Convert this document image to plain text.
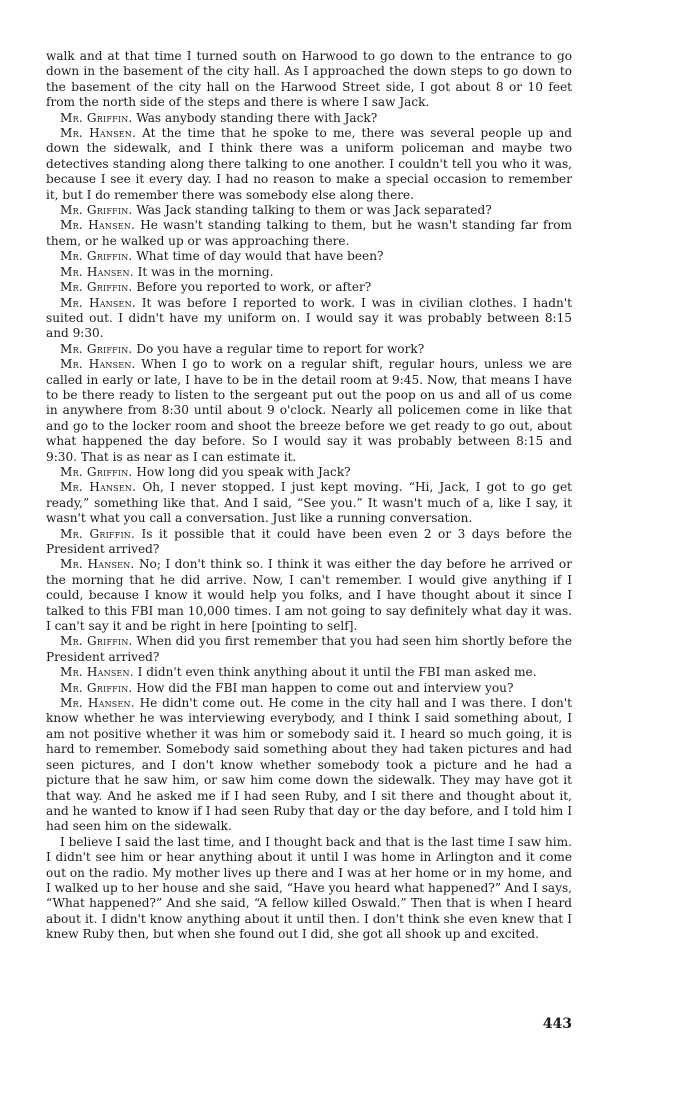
walk and at that time I turned south on Harwood to go down to the entrance to go down in the basement of the city hall. As I approached the down steps to go down to the basement of the city hall on the Harwood Street side, I got about 8 or 10 feet from the north side of the steps and there is where I saw Jack.

Mr. Griffin. Was anybody standing there with Jack?

Mr. Hansen. At the time that he spoke to me, there was several people up and down the sidewalk, and I think there was a uniform policeman and maybe two detectives standing along there talking to one another. I couldn't tell you who it was, because I see it every day. I had no reason to make a special occasion to remember it, but I do remember there was somebody else along there.

Mr. Griffin. Was Jack standing talking to them or was Jack separated?

Mr. Hansen. He wasn't standing talking to them, but he wasn't standing far from them, or he walked up or was approaching there.

Mr. Griffin. What time of day would that have been?

Mr. Hansen. It was in the morning.

Mr. Griffin. Before you reported to work, or after?

Mr. Hansen. It was before I reported to work. I was in civilian clothes. I hadn't suited out. I didn't have my uniform on. I would say it was probably between 8:15 and 9:30.

Mr. Griffin. Do you have a regular time to report for work?

Mr. Hansen. When I go to work on a regular shift, regular hours, unless we are called in early or late, I have to be in the detail room at 9:45. Now, that means I have to be there ready to listen to the sergeant put out the poop on us and all of us come in anywhere from 8:30 until about 9 o'clock. Nearly all policemen come in like that and go to the locker room and shoot the breeze before we get ready to go out, about what happened the day before. So I would say it was probably between 8:15 and 9:30. That is as near as I can estimate it.

Mr. Griffin. How long did you speak with Jack?

Mr. Hansen. Oh, I never stopped. I just kept moving. “Hi, Jack, I got to go get ready,” something like that. And I said, “See you.” It wasn't much of a, like I say, it wasn't what you call a conversation. Just like a running conversation.

Mr. Griffin. Is it possible that it could have been even 2 or 3 days before the President arrived?

Mr. Hansen. No; I don't think so. I think it was either the day before he arrived or the morning that he did arrive. Now, I can't remember. I would give anything if I could, because I know it would help you folks, and I have thought about it since I talked to this FBI man 10,000 times. I am not going to say definitely what day it was. I can't say it and be right in here [pointing to self].

Mr. Griffin. When did you first remember that you had seen him shortly before the President arrived?

Mr. Hansen. I didn't even think anything about it until the FBI man asked me.

Mr. Griffin. How did the FBI man happen to come out and interview you?

Mr. Hansen. He didn't come out. He come in the city hall and I was there. I don't know whether he was interviewing everybody, and I think I said something about, I am not positive whether it was him or somebody said it. I heard so much going, it is hard to remember. Somebody said something about they had taken pictures and had seen pictures, and I don't know whether somebody took a picture and he had a picture that he saw him, or saw him come down the sidewalk. They may have got it that way. And he asked me if I had seen Ruby, and I sit there and thought about it, and he wanted to know if I had seen Ruby that day or the day before, and I told him I had seen him on the sidewalk.

I believe I said the last time, and I thought back and that is the last time I saw him. I didn't see him or hear anything about it until I was home in Arlington and it come out on the radio. My mother lives up there and I was at her home or in my home, and I walked up to her house and she said, “Have you heard what happened?” And I says, “What happened?” And she said, “A fellow killed Oswald.” Then that is when I heard about it. I didn't know anything about it until then. I don't think she even knew that I knew Ruby then, but when she found out I did, she got all shook up and excited.

443
